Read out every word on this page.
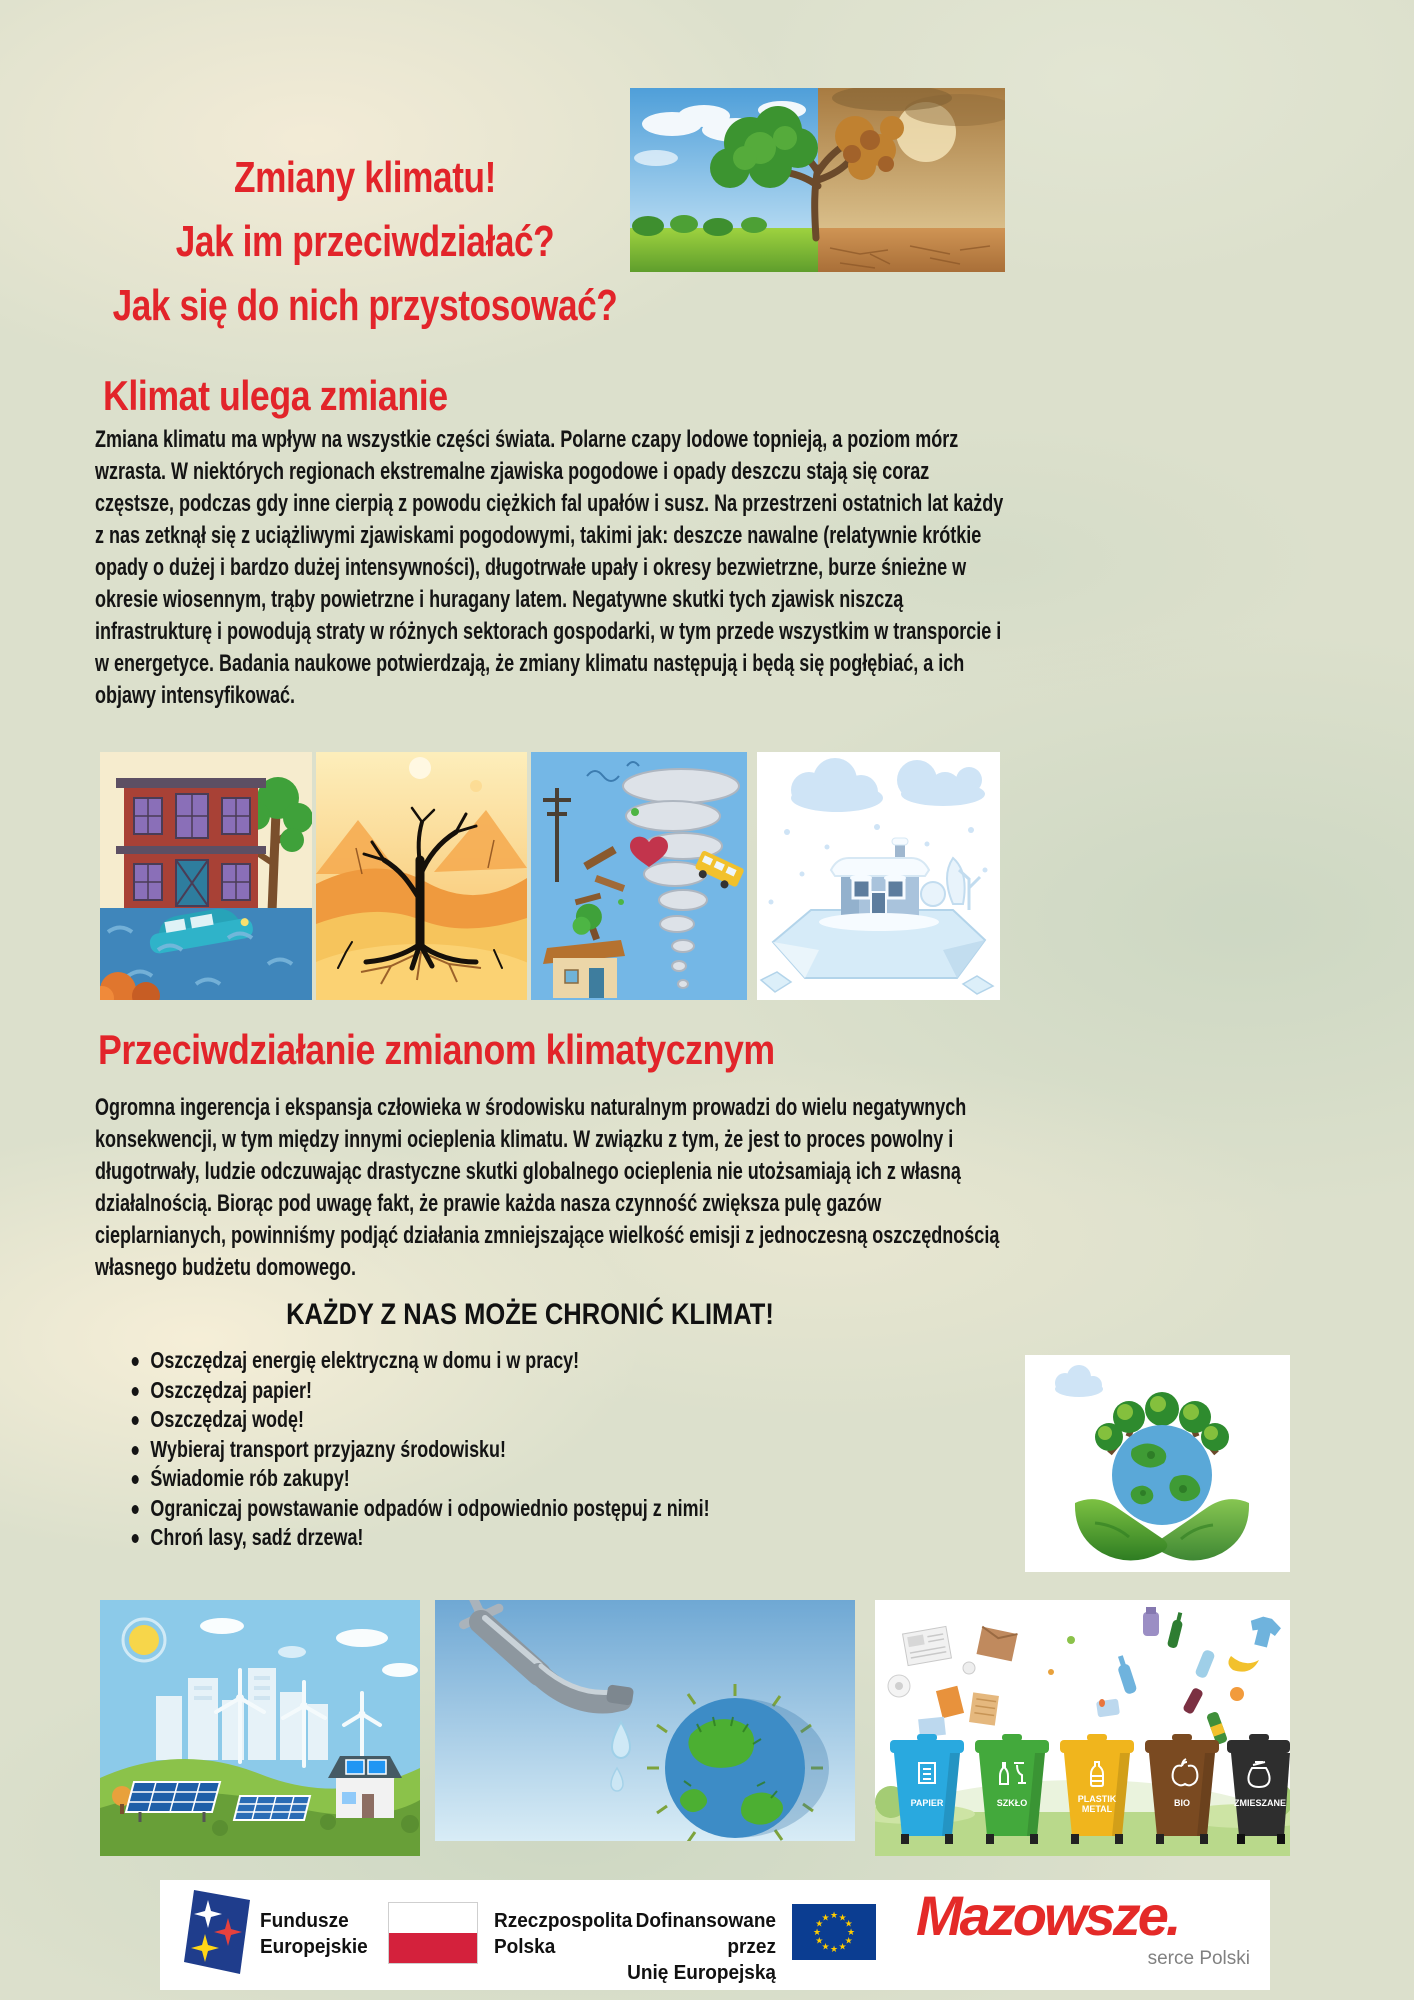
Zmiany klimatu!
Jak im przeciwdziałać?
Jak się do nich przystosować?
Klimat ulega zmianie

Zmiana klimatu ma wpływ na wszystkie części świata. Polarne czapy lodowe topnieją, a poziom mórz wzrasta. W niektórych regionach ekstremalne zjawiska pogodowe i opady deszczu stają się coraz częstsze, podczas gdy inne cierpią z powodu ciężkich fal upałów i susz. Na przestrzeni ostatnich lat każdy z nas zetknął się z uciążliwymi zjawiskami pogodowymi, takimi jak: deszcze nawalne (relatywnie krótkie opady o dużej i bardzo dużej intensywności), długotrwałe upały i okresy bezwietrzne, burze śnieżne w okresie wiosennym, trąby powietrzne i huragany latem. Negatywne skutki tych zjawisk niszczą infrastrukturę i powodują straty w różnych sektorach gospodarki, w tym przede wszystkim w transporcie i w energetyce. Badania naukowe potwierdzają, że zmiany klimatu następują i będą się pogłębiać, a ich objawy intensyfikować.

Przeciwdziałanie zmianom klimatycznym

Ogromna ingerencja i ekspansja człowieka w środowisku naturalnym prowadzi do wielu negatywnych konsekwencji, w tym między innymi ocieplenia klimatu. W związku z tym, że jest to proces powolny i długotrwały, ludzie odczuwając drastyczne skutki globalnego ocieplenia nie utożsamiają ich z własną działalnością. Biorąc pod uwagę fakt, że prawie każda nasza czynność zwiększa pulę gazów cieplarnianych, powinniśmy podjąć działania zmniejszające wielkość emisji z jednoczesną oszczędnością własnego budżetu domowego.

KAŻDY Z NAS MOŻE CHRONIĆ KLIMAT!
Oszczędzaj energię elektryczną w domu i w pracy!
Oszczędzaj papier!
Oszczędzaj wodę!
Wybieraj transport przyjazny środowisku!
Świadomie rób zakupy!
Ograniczaj powstawanie odpadów i odpowiednio postępuj z nimi!
Chroń lasy, sadź drzewa!
PAPIER	SZKŁO	PLASTIK
METAL
BIO	ZMIESZANE
Fundusze
Europejskie
Rzeczpospolita
Polska
Dofinansowane przez
Unię Europejską
★ ★
★
★
★
★
★
★
★
★
★
★ Mazowsze.
serce Polski
